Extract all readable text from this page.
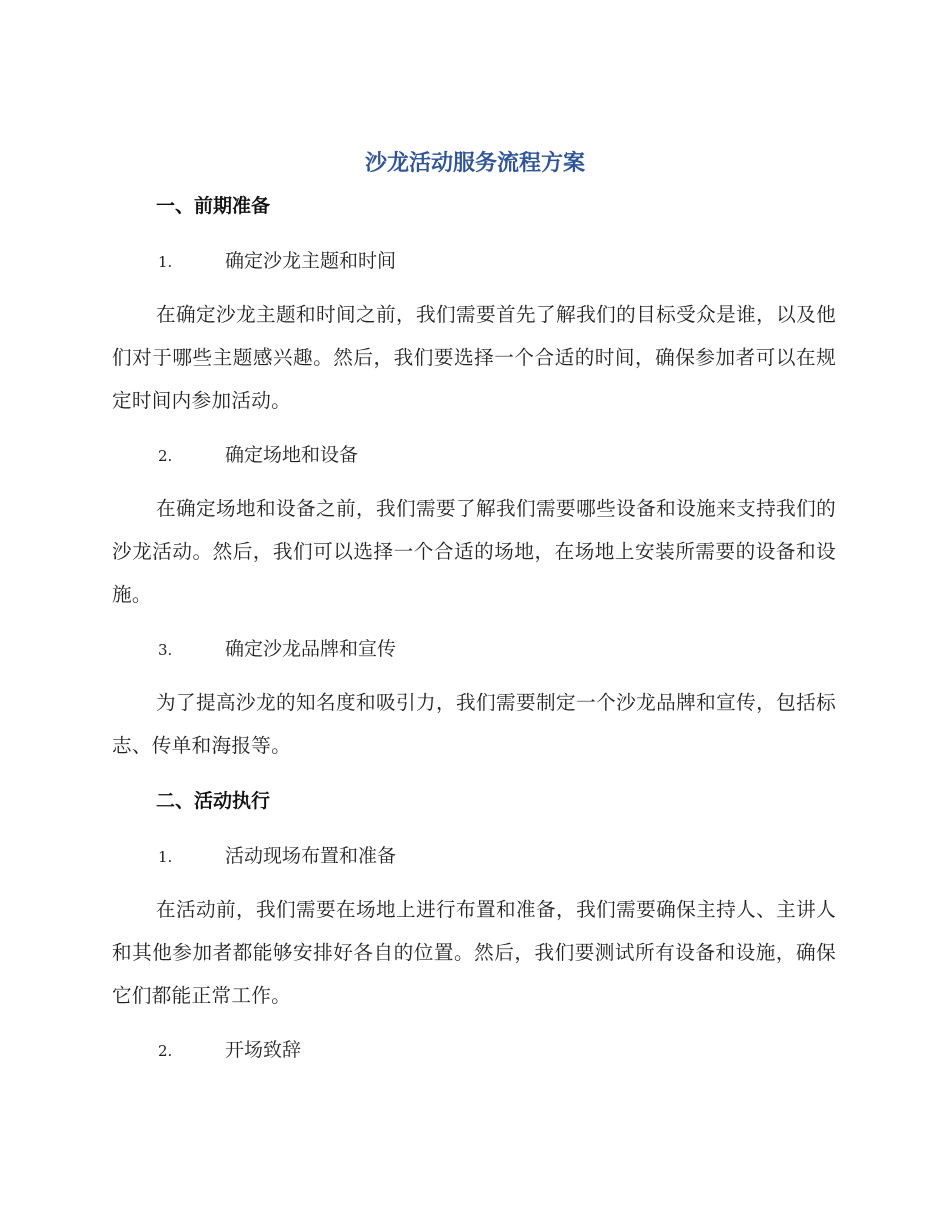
沙龙活动服务流程方案
一、前期准备
1.	确定沙龙主题和时间

在确定沙龙主题和时间之前，我们需要首先了解我们的目标受众是谁，以及他们对于哪些主题感兴趣。然后，我们要选择一个合适的时间，确保参加者可以在规定时间内参加活动。

2.	确定场地和设备

在确定场地和设备之前，我们需要了解我们需要哪些设备和设施来支持我们的沙龙活动。然后，我们可以选择一个合适的场地，在场地上安装所需要的设备和设施。

3.	确定沙龙品牌和宣传

为了提高沙龙的知名度和吸引力，我们需要制定一个沙龙品牌和宣传，包括标志、传单和海报等。

二、活动执行
1.	活动现场布置和准备

在活动前，我们需要在场地上进行布置和准备，我们需要确保主持人、主讲人和其他参加者都能够安排好各自的位置。然后，我们要测试所有设备和设施，确保它们都能正常工作。

2.	开场致辞
